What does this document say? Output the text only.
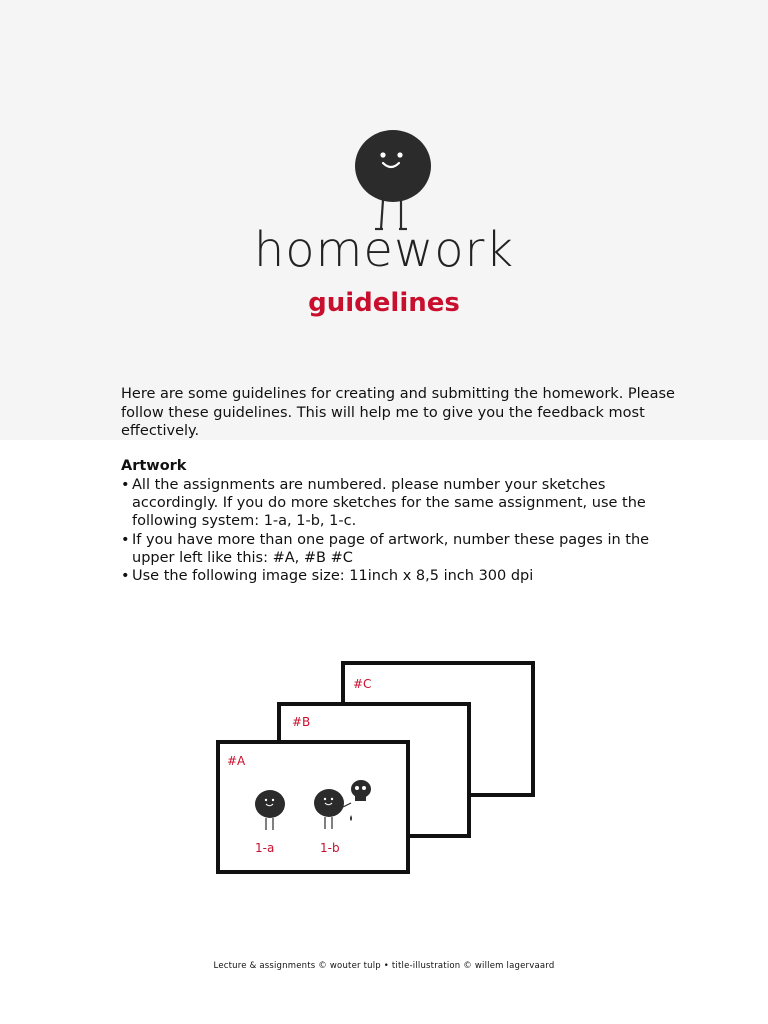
homework
guidelines

Here are some guidelines for creating and submitting the homework. Please follow these guidelines. This will help me to give you the feedback most effectively.

Artwork
• All the assignments are numbered. please number your sketches accordingly. If you do more sketches for the same assignment, use the following system: 1-a, 1-b, 1-c.
• If you have more than one page of artwork, number these pages in the upper left like this: #A, #B #C
• Use the following image size: 11inch x 8,5 inch 300 dpi
#C
#B
#A
1-a	1-b

Lecture & assignments © wouter tulp • title-illustration © willem lagervaard
